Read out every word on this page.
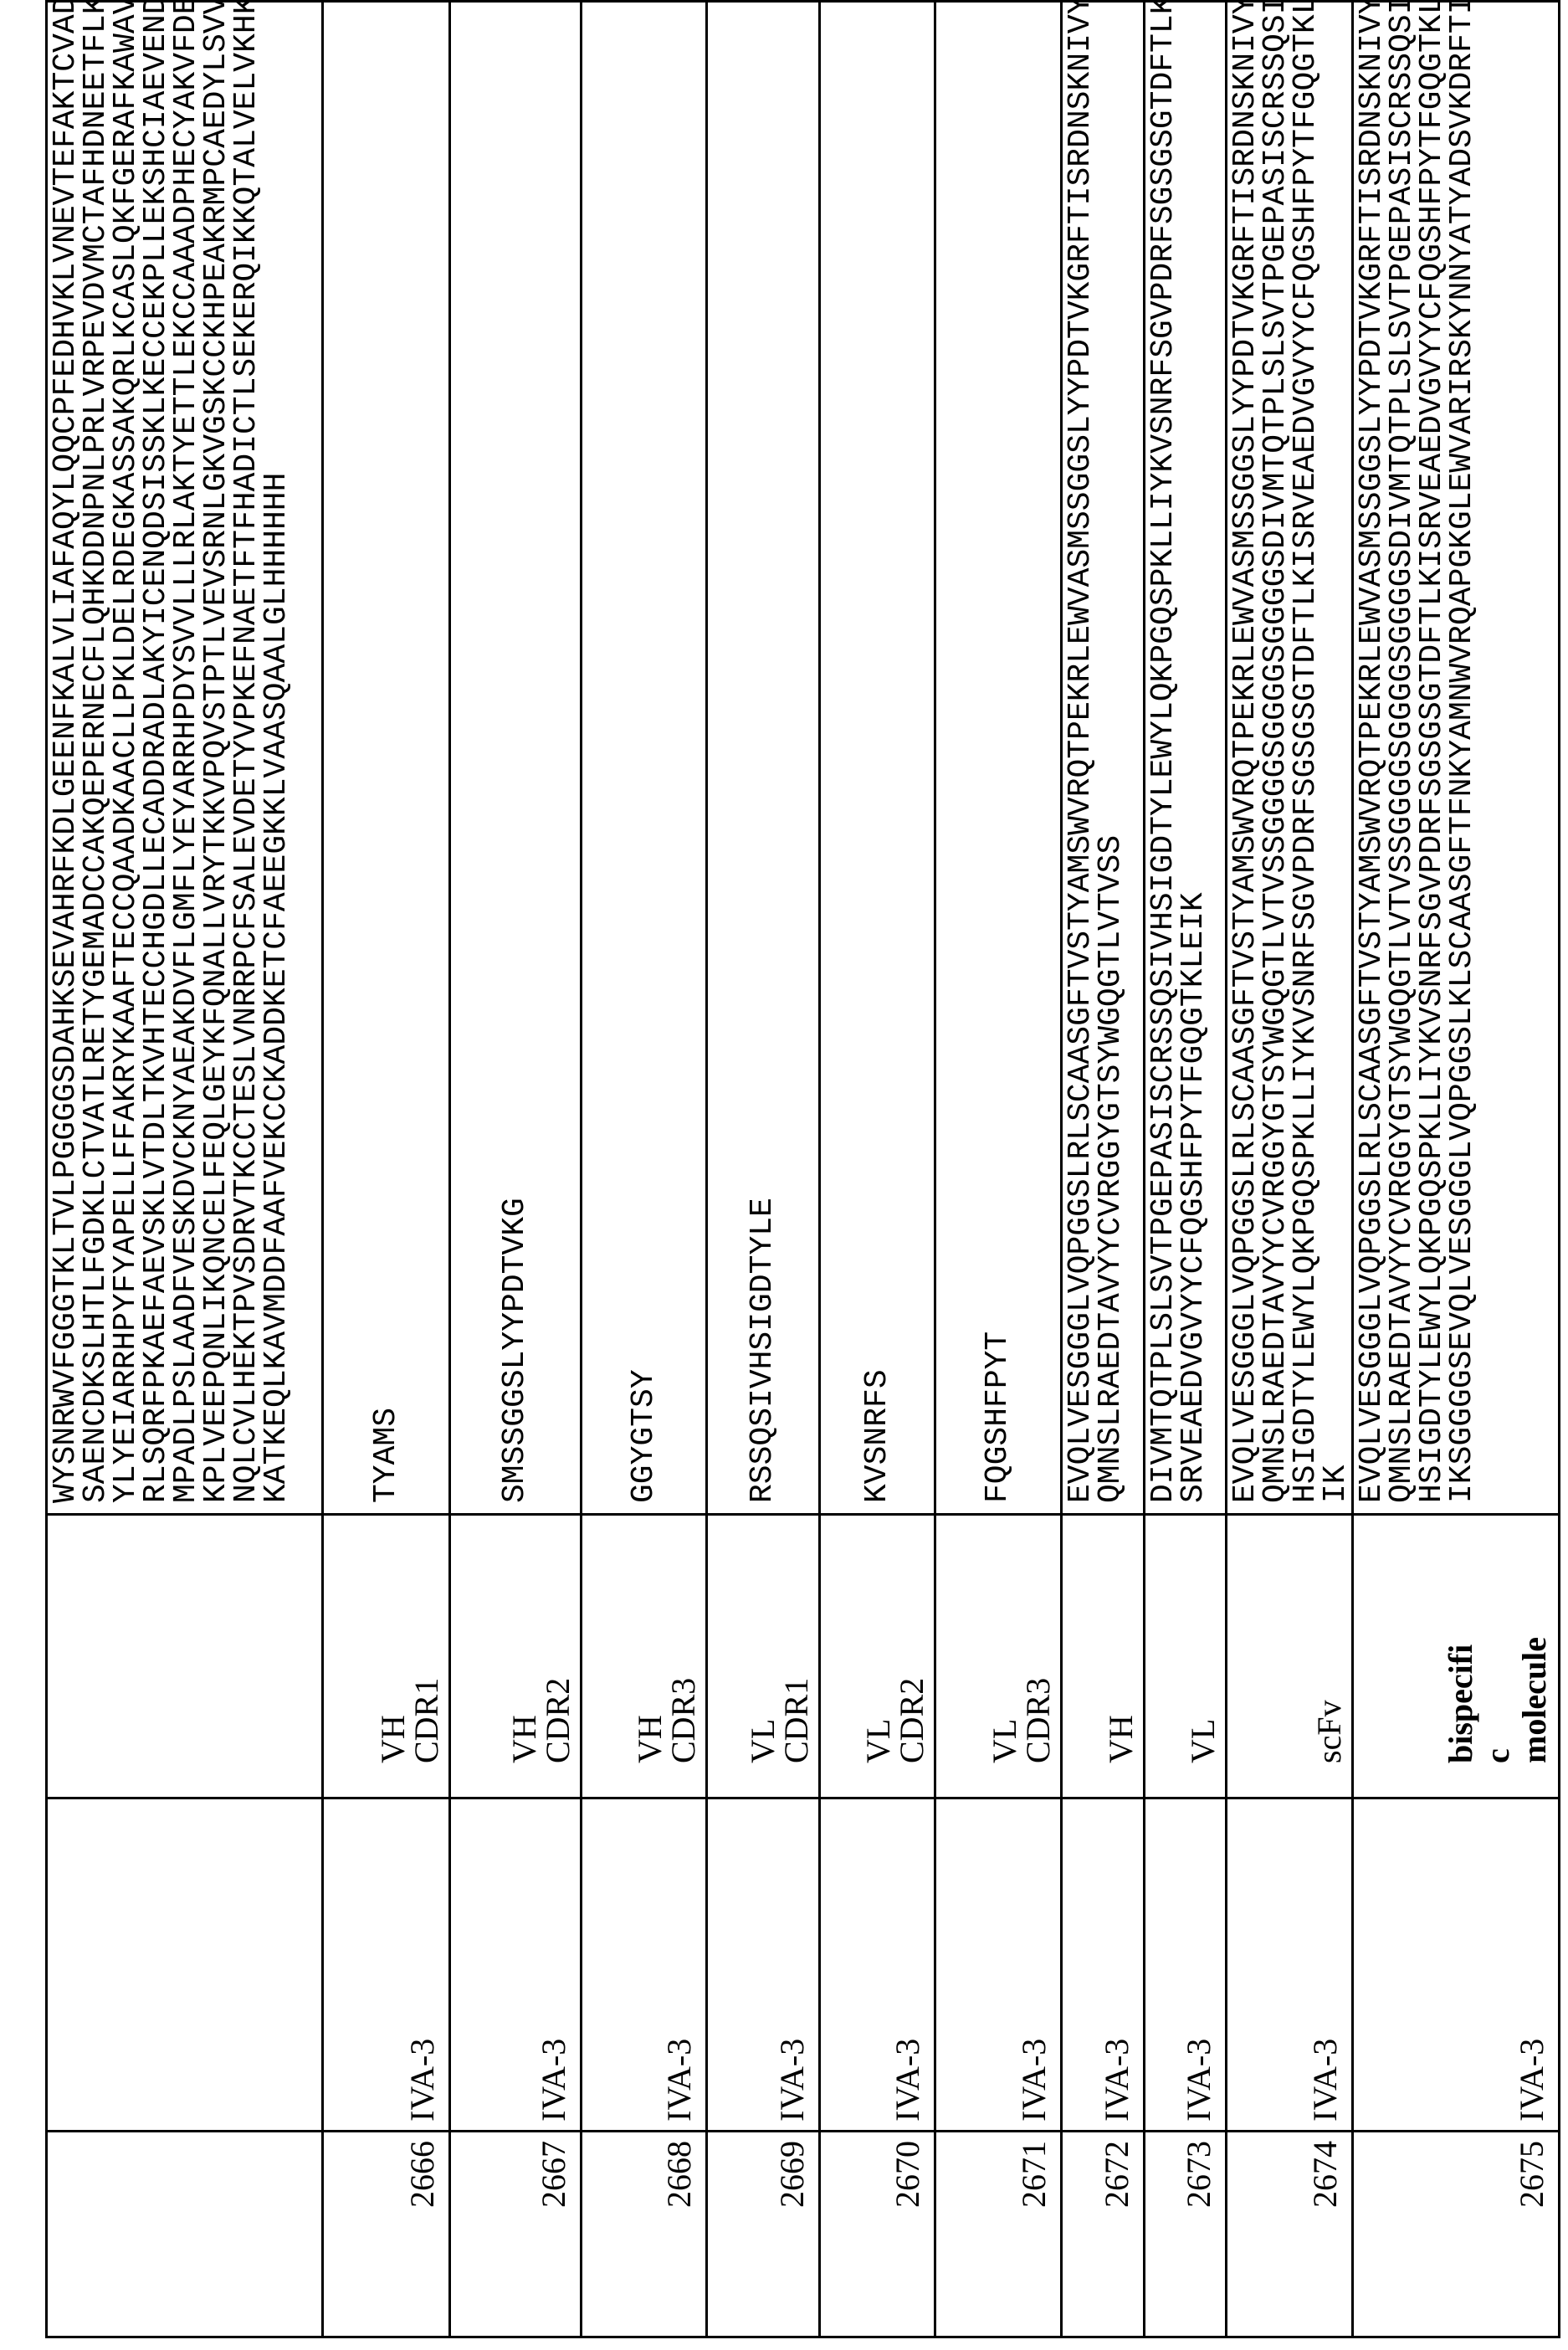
WYSNRWVFGGGTKLTVLPGGGGSDAHKSEVAHRFKDLGEENFKALVLIAFAQYLQQCPFEDHVKLVNEVTEFAKTCVADE
SAENCDKSLHTLFGDKLCTVATLRETYGEMADCCAKQEPERNECFLQHKDDNPNLPRLVRPEVDVMCTAFHDNEETFLKK
YLYEIARRHPYFYAPELLFFAKRYKAAFTECCQAADKAACLLPKLDELRDEGKASSAKQRLKCASLQKFGERAFKAWAVA
RLSQRFPKAEFAEVSKLVTDLTKVHTECCHGDLLECADDRADLAKYICENQDSISSKLKECCEKPLLEKSHCIAEVENDE
MPADLPSLAADFVESKDVCKNYAEAKDVFLGMFLYEYARRHPDYSVVLLLRLAKTYETTLEKCCAAADPHECYAKVFDEF
KPLVEEPQNLIKQNCELFEQLGEYKFQNALLVRYTKKVPQVSTPTLVEVSRNLGKVGSKCCKHPEAKRMPCAEDYLSVVL
NQLCVLHEKTPVSDRVTKCCTESLVNRRPCFSALEVDETYVPKEFNAETFTFHADICTLSEKERQIKKQTALVELVKHKP
KATKEQLKAVMDDFAAFVEKCCKADDKETCFAEEGKKLVAASQAALGLHHHHHH

2666	IVA-3	VH
CDR1	
TYAMS

2667	IVA-3	VH
CDR2	
SMSSGGSLYYPDTVKG

2668	IVA-3	VH
CDR3	
GGYGTSY

2669	IVA-3	VL
CDR1	
RSSQSIVHSIGDTYLE

2670	IVA-3	VL
CDR2	
KVSNRFS

2671	IVA-3	VL
CDR3	
FQGSHFPYT

2672	IVA-3	VH	
EVQLVESGGGLVQPGGSLRLSCAASGFTVSTYAMSWVRQTPEKRLEWVASMSSGGSLYYPDTVKGRFTISRDNSKNIVYL
QMNSLRAEDTAVYYCVRGGYGTSYWGQGTLVTVSS

2673	IVA-3	VL	
DIVMTQTPLSLSVTPGEPASISCRSSQSIVHSIGDTYLEWYLQKPGQSPKLLIYKVSNRFSGVPDRFSGSGSGTDFTLKI
SRVEAEDVGVYYCFQGSHFPYTFGQGTKLEIK

2674	IVA-3	scFv	
EVQLVESGGGLVQPGGSLRLSCAASGFTVSTYAMSWVRQTPEKRLEWVASMSSGGSLYYPDTVKGRFTISRDNSKNIVYL
QMNSLRAEDTAVYYCVRGGYGTSYWGQGTLVTVSSGGGGSGGGGSGGGGSDIVMTQTPLSLSVTPGEPASISCRSSQSIV
HSIGDTYLEWYLQKPGQSPKLLIYKVSNRFSGVPDRFSGSGSGTDFTLKISRVEAEDVGVYYCFQGSHFPYTFGQGTKLE
IK

2675	IVA-3	bispecifi
c
molecule	
EVQLVESGGGLVQPGGSLRLSCAASGFTVSTYAMSWVRQTPEKRLEWVASMSSGGSLYYPDTVKGRFTISRDNSKNIVYL
QMNSLRAEDTAVYYCVRGGYGTSYWGQGTLVTVSSGGGGSGGGGSGGGGSDIVMTQTPLSLSVTPGEPASISCRSSQSIV
HSIGDTYLEWYLQKPGQSPKLLIYKVSNRFSGVPDRFSGSGSGTDFTLKISRVEAEDVGVYYCFQGSHFPYTFGQGTKLE
IKSGGGGSEVQLVESGGGLVQPGGSLKLSCAASGFTFNKYAMNWVRQAPGKGLEWVARIRSKYNNYATYADSVKDRFTI
